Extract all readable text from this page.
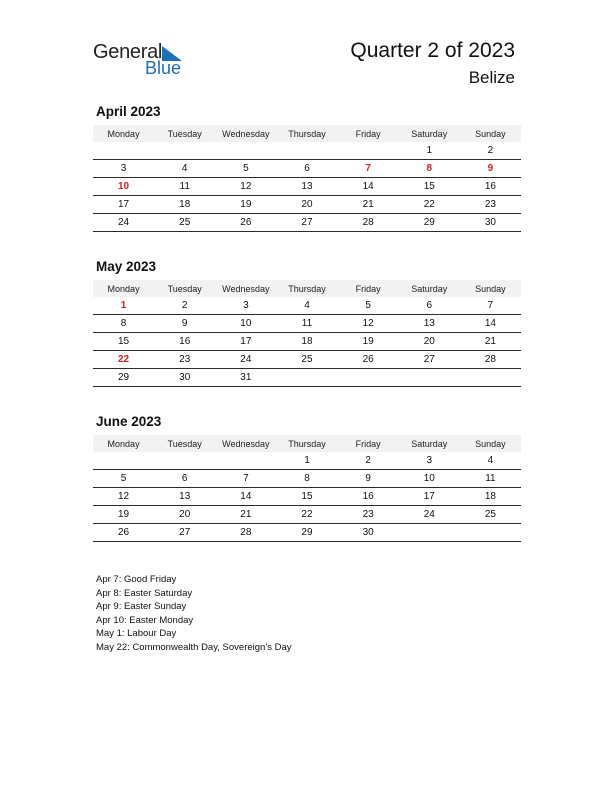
General
Blue
Quarter 2 of 2023
Belize
April 2023
Monday	Tuesday	Wednesday	Thursday	Friday	Saturday	Sunday
					1	2
3	4	5	6	7	8	9
10	11	12	13	14	15	16
17	18	19	20	21	22	23
24	25	26	27	28	29	30
May 2023
Monday	Tuesday	Wednesday	Thursday	Friday	Saturday	Sunday
1	2	3	4	5	6	7
8	9	10	11	12	13	14
15	16	17	18	19	20	21
22	23	24	25	26	27	28
29	30	31				
June 2023
Monday	Tuesday	Wednesday	Thursday	Friday	Saturday	Sunday
			1	2	3	4
5	6	7	8	9	10	11
12	13	14	15	16	17	18
19	20	21	22	23	24	25
26	27	28	29	30		
Apr 7: Good Friday
Apr 8: Easter Saturday
Apr 9: Easter Sunday
Apr 10: Easter Monday
May 1: Labour Day
May 22: Commonwealth Day, Sovereign’s Day
